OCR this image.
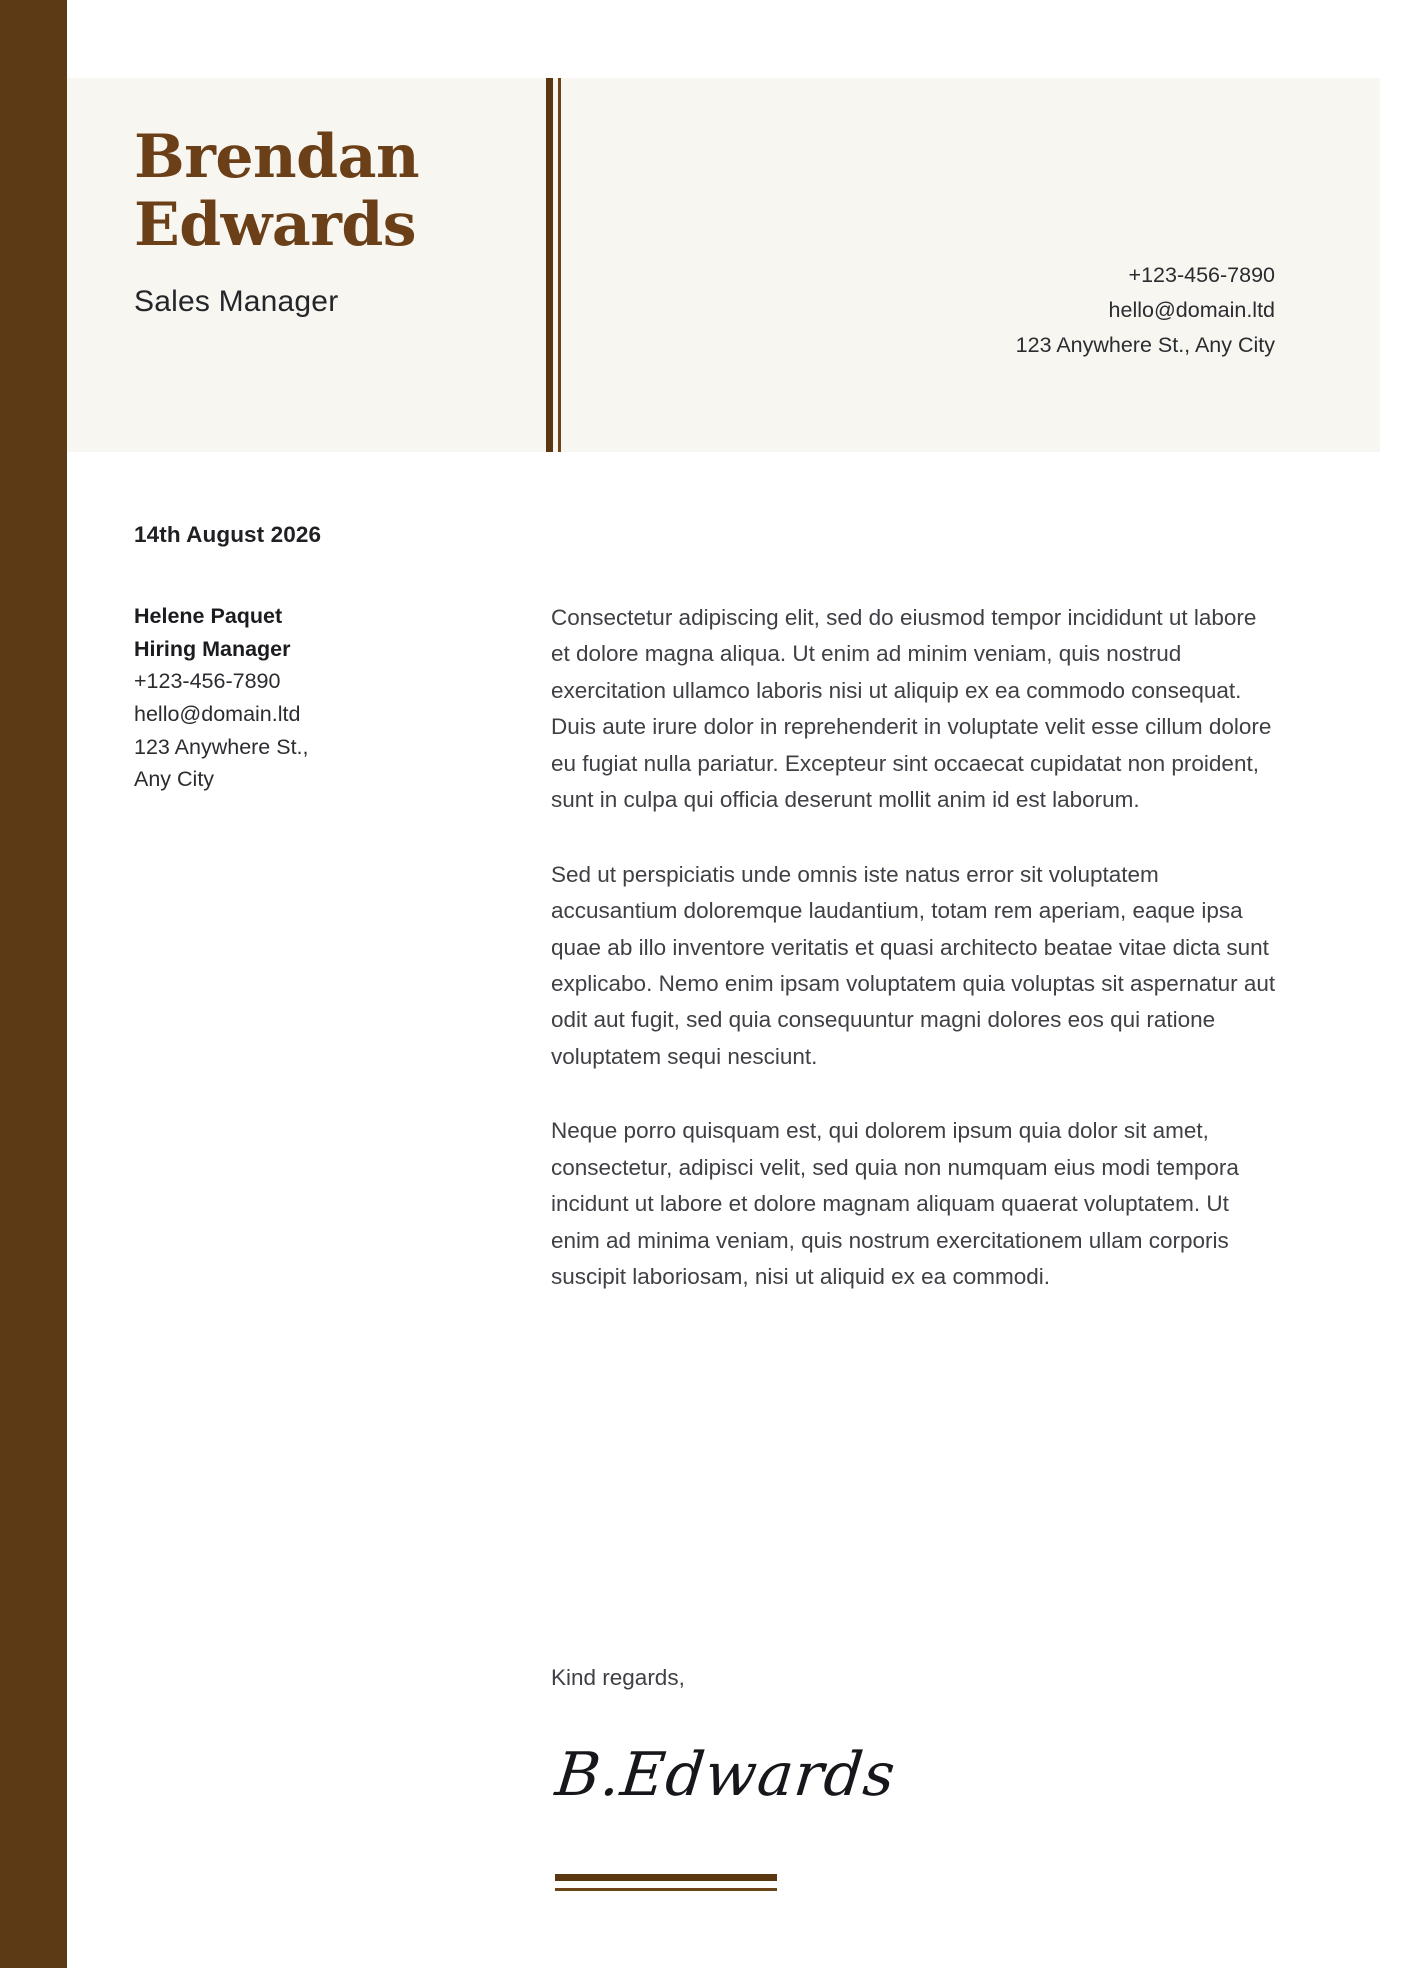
Brendan
Edwards
Sales Manager
+123-456-7890
hello@domain.ltd
123 Anywhere St., Any City
14th August 2026
Helene Paquet
Hiring Manager
+123-456-7890
hello@domain.ltd
123 Anywhere St.,
Any City

Consectetur adipiscing elit, sed do eiusmod tempor incididunt ut labore et dolore magna aliqua. Ut enim ad minim veniam, quis nostrud exercitation ullamco laboris nisi ut aliquip ex ea commodo consequat. Duis aute irure dolor in reprehenderit in voluptate velit esse cillum dolore eu fugiat nulla pariatur. Excepteur sint occaecat cupidatat non proident, sunt in culpa qui officia deserunt mollit anim id est laborum.

Sed ut perspiciatis unde omnis iste natus error sit voluptatem accusantium doloremque laudantium, totam rem aperiam, eaque ipsa quae ab illo inventore veritatis et quasi architecto beatae vitae dicta sunt explicabo. Nemo enim ipsam voluptatem quia voluptas sit aspernatur aut odit aut fugit, sed quia consequuntur magni dolores eos qui ratione voluptatem sequi nesciunt.

Neque porro quisquam est, qui dolorem ipsum quia dolor sit amet, consectetur, adipisci velit, sed quia non numquam eius modi tempora incidunt ut labore et dolore magnam aliquam quaerat voluptatem. Ut enim ad minima veniam, quis nostrum exercitationem ullam corporis suscipit laboriosam, nisi ut aliquid ex ea commodi.

Kind regards,
B.Edwards
